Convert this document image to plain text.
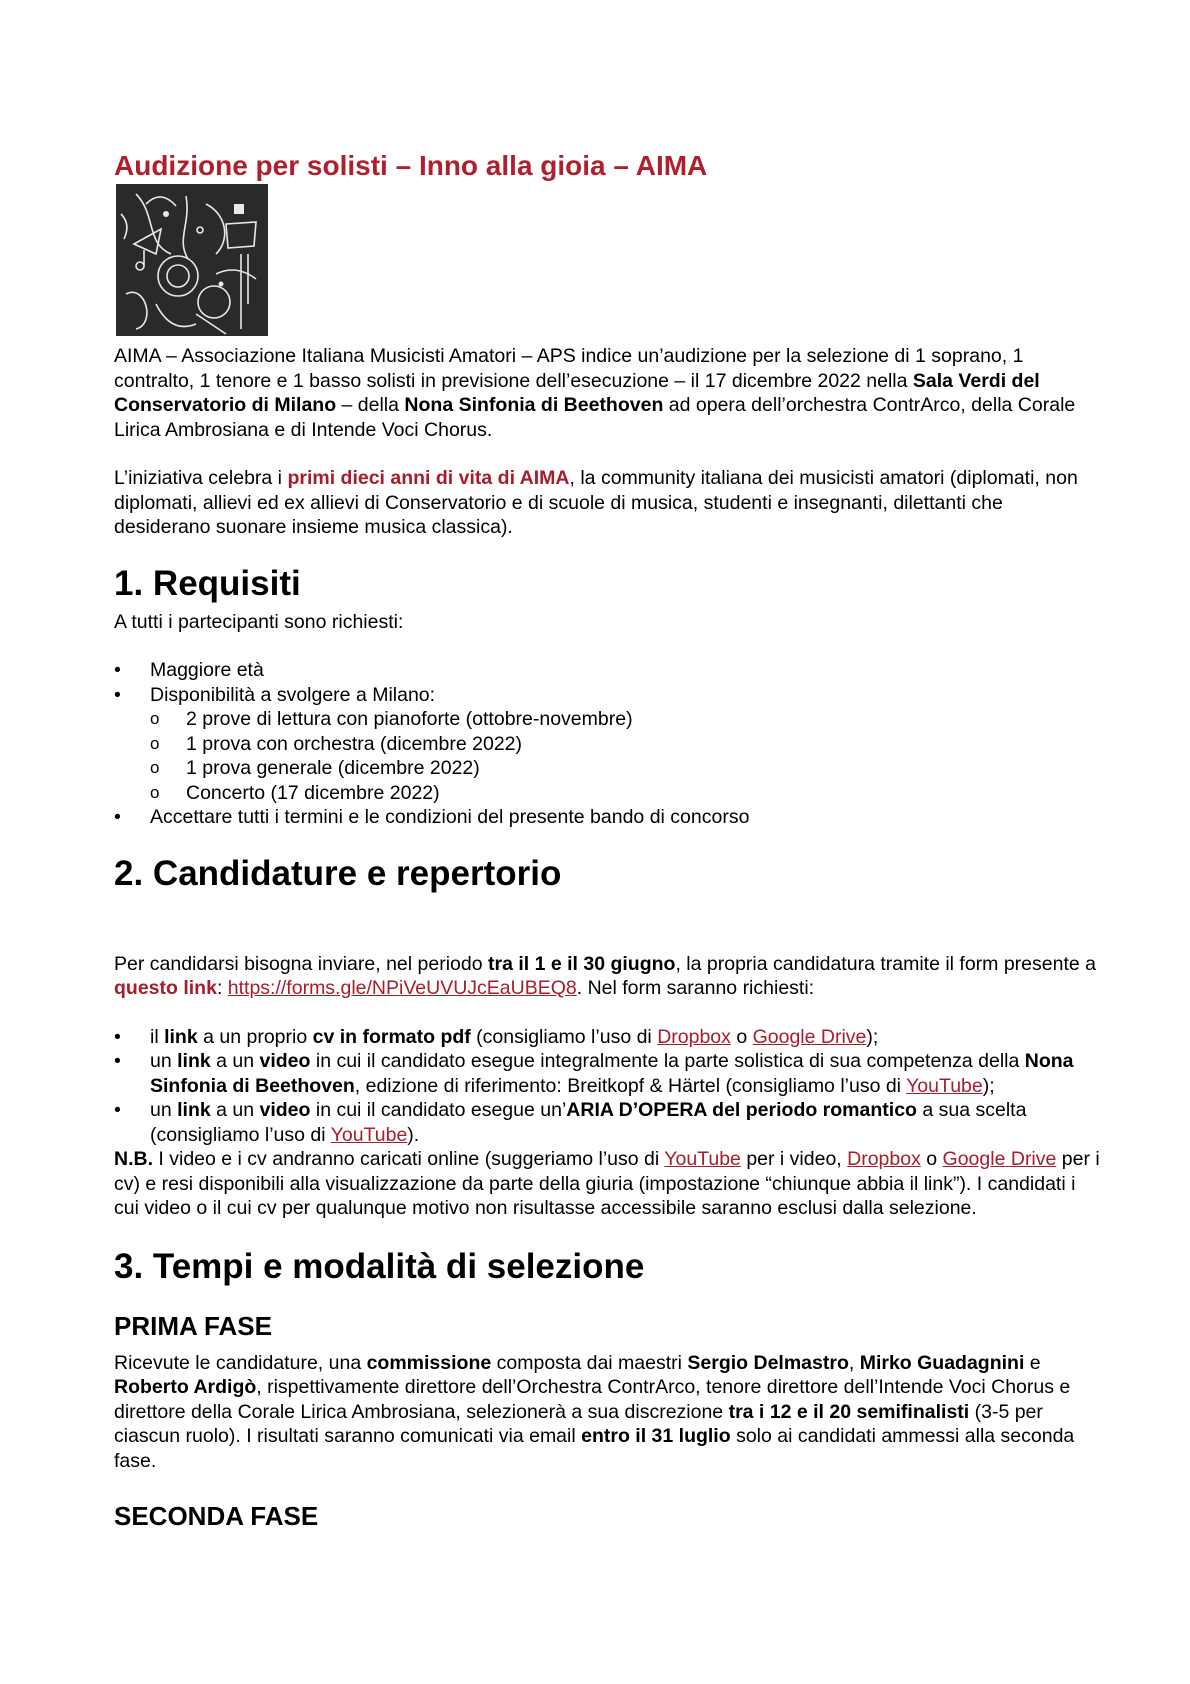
Audizione per solisti – Inno alla gioia – AIMA

AIMA – Associazione Italiana Musicisti Amatori – APS indice un’audizione per la selezione di 1 soprano, 1 contralto, 1 tenore e 1 basso solisti in previsione dell’esecuzione – il 17 dicembre 2022 nella Sala Verdi del Conservatorio di Milano – della Nona Sinfonia di Beethoven ad opera dell’orchestra ContrArco, della Corale Lirica Ambrosiana e di Intende Voci Chorus.

L’iniziativa celebra i primi dieci anni di vita di AIMA, la community italiana dei musicisti amatori (diplomati, non diplomati, allievi ed ex allievi di Conservatorio e di scuole di musica, studenti e insegnanti, dilettanti che desiderano suonare insieme musica classica).

1. Requisiti

A tutti i partecipanti sono richiesti:

• Maggiore età
• Disponibilità a svolgere a Milano:
o 2 prove di lettura con pianoforte (ottobre-novembre)
o 1 prova con orchestra (dicembre 2022)
o 1 prova generale (dicembre 2022)
o Concerto (17 dicembre 2022)
• Accettare tutti i termini e le condizioni del presente bando di concorso
2. Candidature e repertorio

Per candidarsi bisogna inviare, nel periodo tra il 1 e il 30 giugno, la propria candidatura tramite il form presente a questo link: https://forms.gle/NPiVeUVUJcEaUBEQ8. Nel form saranno richiesti:

• il link a un proprio cv in formato pdf (consigliamo l’uso di Dropbox o Google Drive);
• un link a un video in cui il candidato esegue integralmente la parte solistica di sua competenza della Nona Sinfonia di Beethoven, edizione di riferimento: Breitkopf & Härtel (consigliamo l’uso di YouTube);
• un link a un video in cui il candidato esegue un’ARIA D’OPERA del periodo romantico a sua scelta (consigliamo l’uso di YouTube).

N.B. I video e i cv andranno caricati online (suggeriamo l’uso di YouTube per i video, Dropbox o Google Drive per i cv) e resi disponibili alla visualizzazione da parte della giuria (impostazione “chiunque abbia il link”). I candidati i cui video o il cui cv per qualunque motivo non risultasse accessibile saranno esclusi dalla selezione.

3. Tempi e modalità di selezione
PRIMA FASE

Ricevute le candidature, una commissione composta dai maestri Sergio Delmastro, Mirko Guadagnini e Roberto Ardigò, rispettivamente direttore dell’Orchestra ContrArco, tenore direttore dell’Intende Voci Chorus e direttore della Corale Lirica Ambrosiana, selezionerà a sua discrezione tra i 12 e il 20 semifinalisti (3-5 per ciascun ruolo). I risultati saranno comunicati via email entro il 31 luglio solo ai candidati ammessi alla seconda fase.

SECONDA FASE
